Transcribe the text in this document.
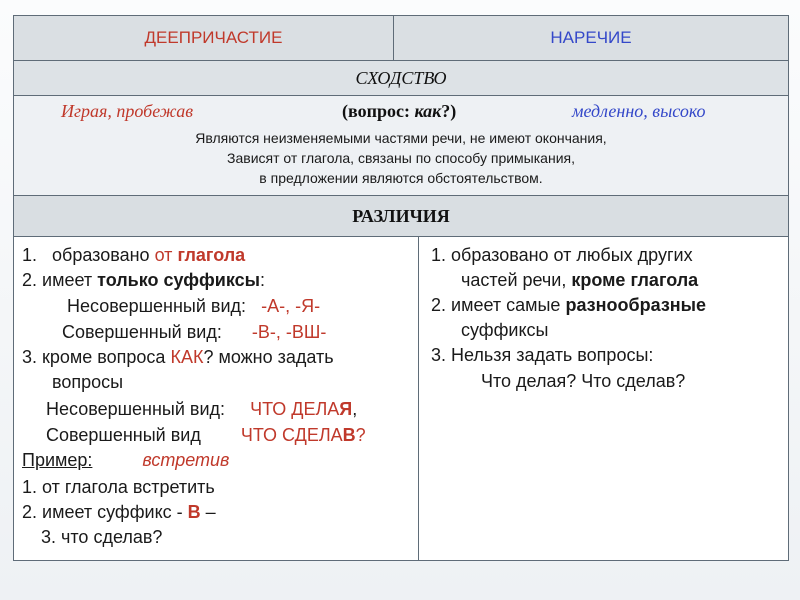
ДЕЕПРИЧАСТИЕ	НАРЕЧИЕ
СХОДСТВО
Играя, пробежав	(вопрос: как?)	медленно, высоко
Являются неизменяемыми частями речи, не имеют окончания,
Зависят от глагола, связаны по способу примыкания,
в предложении являются обстоятельством.
РАЗЛИЧИЯ
1. образовано от глагола
2. имеет только суффиксы:
Несовершенный вид: -А-, -Я-
Совершенный вид: -В-, -ВШ-
3. кроме вопроса КАК? можно задать
вопросы
Несовершенный вид: ЧТО ДЕЛАЯ,
Совершенный вид ЧТО СДЕЛАВ?
Пример:	встретив
1. от глагола встретить
2. имеет суффикс - В –
3. что сделав?
1. образовано от любых других
частей речи, кроме глагола
2. имеет самые разнообразные
суффиксы
3. Нельзя задать вопросы:
Что делая? Что сделав?
